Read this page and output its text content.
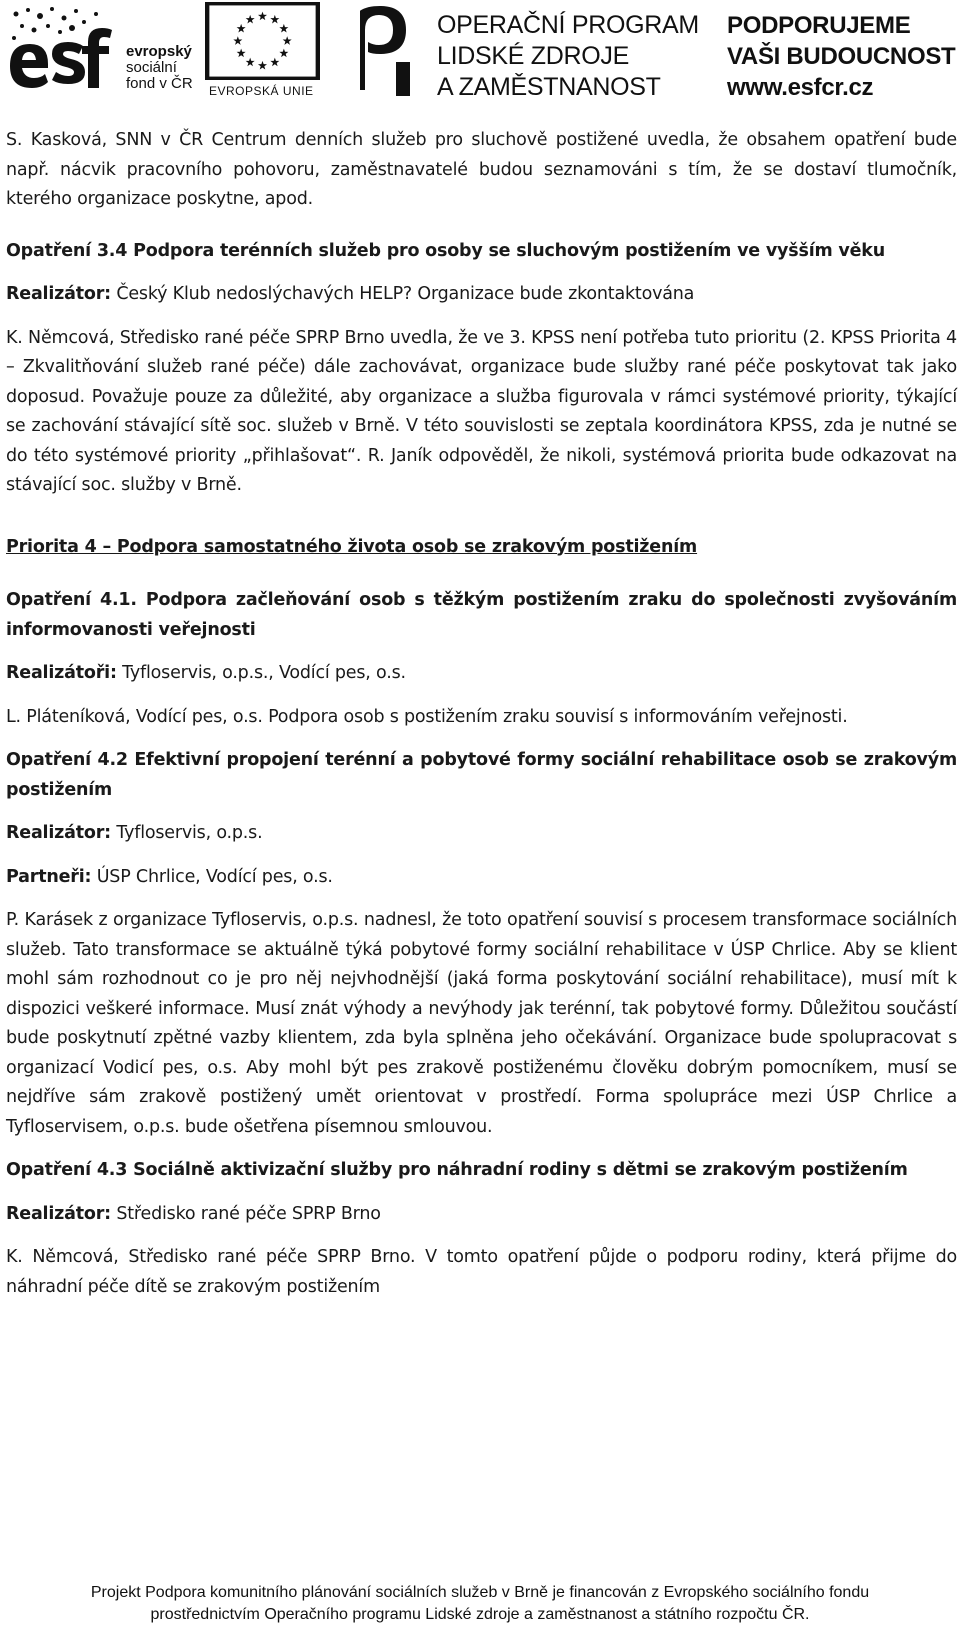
evropský
sociální
fond v ČR EVROPSKÁ UNIE
OPERAČNÍ PROGRAM
LIDSKÉ ZDROJE
A ZAMĚSTNANOST
PODPORUJEME
VAŠI BUDOUCNOST
www.esfcr.cz

S. Kasková, SNN v ČR Centrum denních služeb pro sluchově postižené uvedla, že obsahem opatření bude např. nácvik pracovního pohovoru, zaměstnavatelé budou seznamováni s tím, že se dostaví tlumočník, kterého organizace poskytne, apod.

Opatření 3.4 Podpora terénních služeb pro osoby se sluchovým postižením ve vyšším věku

Realizátor: Český Klub nedoslýchavých HELP? Organizace bude zkontaktována

K. Němcová, Středisko rané péče SPRP Brno uvedla, že ve 3. KPSS není potřeba tuto prioritu (2. KPSS Priorita 4 – Zkvalitňování služeb rané péče) dále zachovávat, organizace bude služby rané péče poskytovat tak jako doposud. Považuje pouze za důležité, aby organizace a služba figurovala v rámci systémové priority, týkající se zachování stávající sítě soc. služeb v Brně. V této souvislosti se zeptala koordinátora KPSS, zda je nutné se do této systémové priority „přihlašovat“. R. Janík odpověděl, že nikoli, systémová priorita bude odkazovat na stávající soc. služby v Brně.

Priorita 4 – Podpora samostatného života osob se zrakovým postižením

Opatření 4.1. Podpora začleňování osob s těžkým postižením zraku do společnosti zvyšováním informovanosti veřejnosti

Realizátoři: Tyfloservis, o.p.s., Vodící pes, o.s.

L. Pláteníková, Vodící pes, o.s. Podpora osob s postižením zraku souvisí s informováním veřejnosti.

Opatření 4.2 Efektivní propojení terénní a pobytové formy sociální rehabilitace osob se zrakovým postižením

Realizátor: Tyfloservis, o.p.s.

Partneři: ÚSP Chrlice, Vodící pes, o.s.

P. Karásek z organizace Tyfloservis, o.p.s. nadnesl, že toto opatření souvisí s procesem transformace sociálních služeb. Tato transformace se aktuálně týká pobytové formy sociální rehabilitace v ÚSP Chrlice. Aby se klient mohl sám rozhodnout co je pro něj nejvhodnější (jaká forma poskytování sociální rehabilitace), musí mít k dispozici veškeré informace. Musí znát výhody a nevýhody jak terénní, tak pobytové formy. Důležitou součástí bude poskytnutí zpětné vazby klientem, zda byla splněna jeho očekávání. Organizace bude spolupracovat s organizací Vodicí pes, o.s. Aby mohl být pes zrakově postiženému člověku dobrým pomocníkem, musí se nejdříve sám zrakově postižený umět orientovat v prostředí. Forma spolupráce mezi ÚSP Chrlice a Tyfloservisem, o.p.s. bude ošetřena písemnou smlouvou.

Opatření 4.3 Sociálně aktivizační služby pro náhradní rodiny s dětmi se zrakovým postižením

Realizátor: Středisko rané péče SPRP Brno

K. Němcová, Středisko rané péče SPRP Brno. V tomto opatření půjde o podporu rodiny, která přijme do náhradní péče dítě se zrakovým postižením

Projekt Podpora komunitního plánování sociálních služeb v Brně je financován z Evropského sociálního fondu
prostřednictvím Operačního programu Lidské zdroje a zaměstnanost a státního rozpočtu ČR.
